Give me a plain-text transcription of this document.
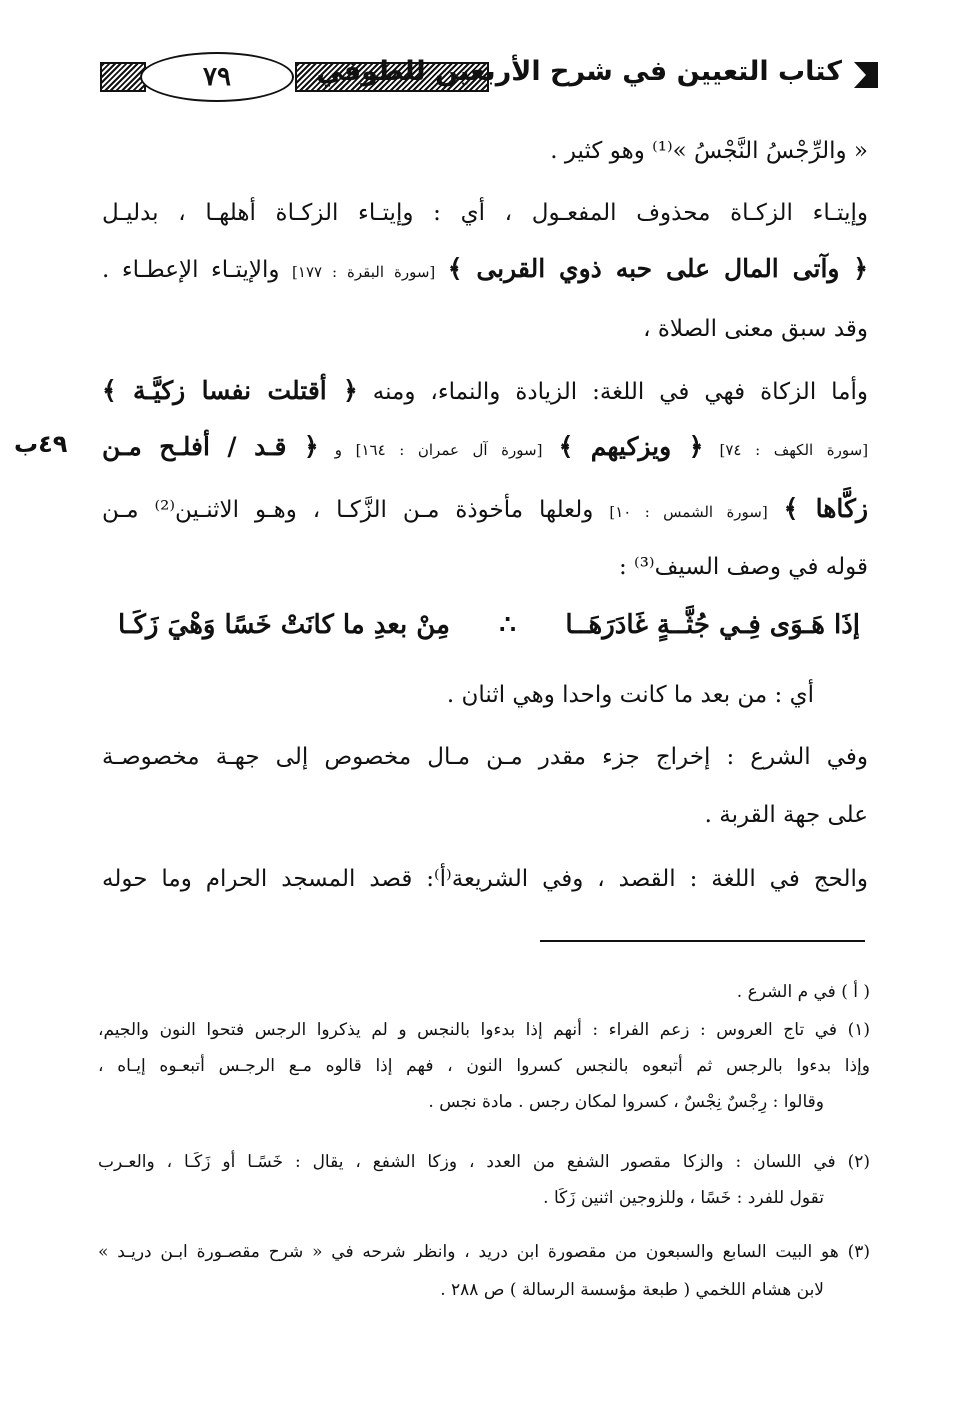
٧٩	كتاب التعيين في شرح الأربعين للطوفي
٤٩ب
« والرِّجْسُ النَّجْسُ »⁽¹⁾ وهو كثير .
وإيتـاء الزكـاة محذوف المفعـول ، أي : وإيتـاء الزكـاة أهلهـا ، بدليـل
﴿ وآتى المال على حبه ذوي القربى ﴾ [سورة البقرة : ١٧٧] والإيتـاء الإعطـاء .
وقد سبق معنى الصلاة ،
وأما الزكاة فهي في اللغة: الزيادة والنماء، ومنه ﴿ أقتلت نفسا زكيَّـة ﴾
[سورة الكهف : ٧٤] ﴿ ويزكيهم ﴾ [سورة آل عمران : ١٦٤] و ﴿ قـد / أفلـح مـن
زكَّاها ﴾ [سورة الشمس : ١٠] ولعلها مأخوذة مـن الزَّكـا ، وهـو الاثنـين⁽²⁾ مـن
قوله في وصف السيف⁽³⁾ :
إذَا هَـوَى فِـي جُثَّــةٍ غَادَرَهَــا
∴
مِنْ بعدِ ما كانَتْ خَسًا وَهْيَ زَكَـا
أي : من بعد ما كانت واحدا وهي اثنان .
وفي الشرع : إخراج جزء مقدر مـن مـال مخصوص إلى جهـة مخصوصـة
على جهة القربة .
والحج في اللغة : القصد ، وفي الشريعة⁽أ⁾: قصد المسجد الحرام وما حوله
( أ ) في م الشرع .
(١) في تاج العروس : زعم الفراء : أنهم إذا بدءوا بالنجس و لم يذكروا الرجس فتحوا النون والجيم،
وإذا بدءوا بالرجس ثم أتبعوه بالنجس كسروا النون ، فهم إذا قالوه مـع الرجـس أتبعـوه إيـاه ،
وقالوا : رِجْسٌ نِجْسٌ ، كسروا لمكان رجس . مادة نجس .
(٢) في اللسان : والزكا مقصور الشفع من العدد ، وزكا الشفع ، يقال : خَسًـا أو زَكَـا ، والعـرب
تقول للفرد : خَسًا ، وللزوجين اثنين زَكَا .
(٣) هو البيت السابع والسبعون من مقصورة ابن دريد ، وانظر شرحه في « شرح مقصـورة ابـن دريـد »
لابن هشام اللخمي ( طبعة مؤسسة الرسالة ) ص ٢٨٨ .
